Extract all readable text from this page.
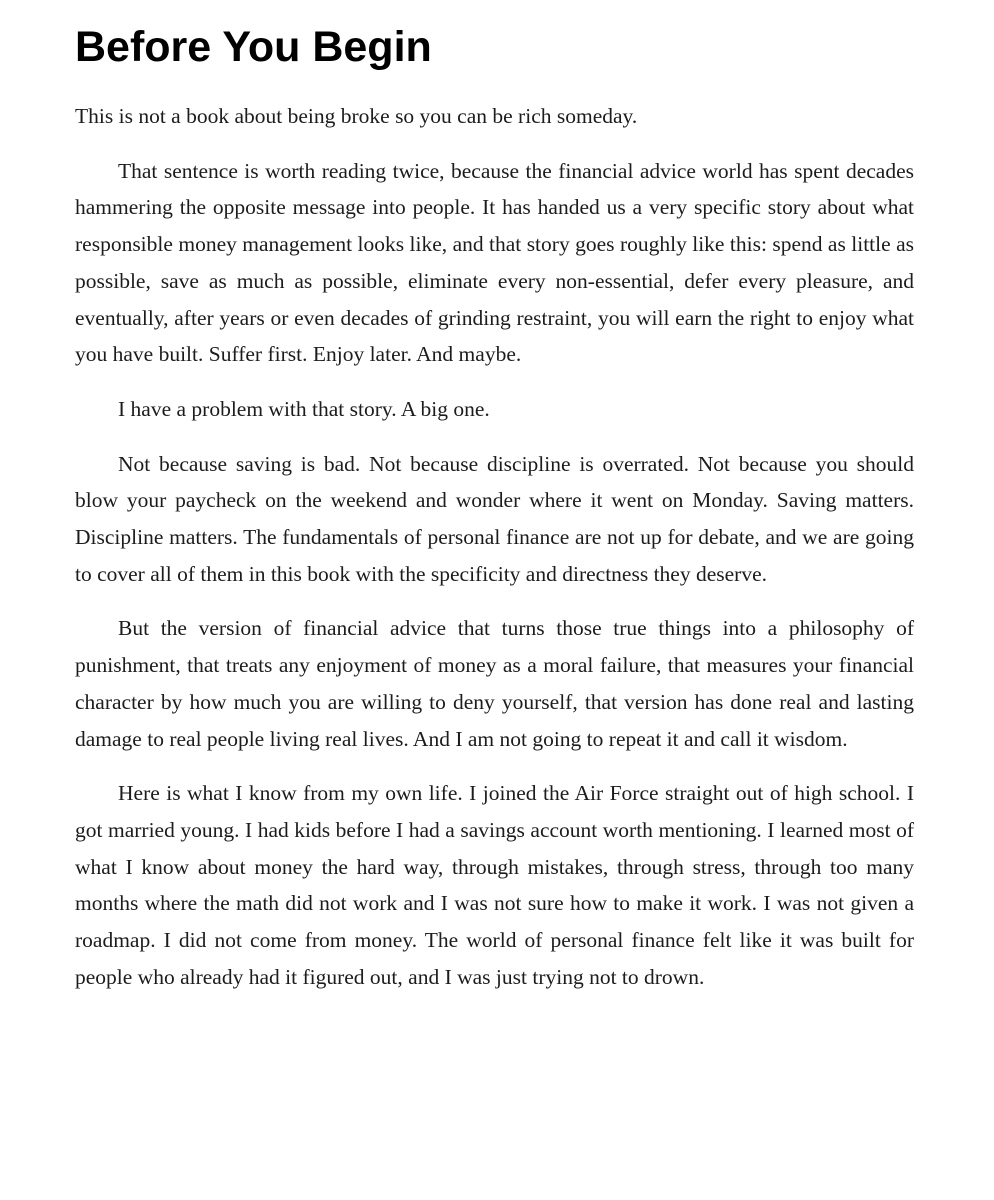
Before You Begin

This is not a book about being broke so you can be rich someday.

That sentence is worth reading twice, because the financial advice world has spent decades hammering the opposite message into people. It has handed us a very specific story about what responsible money management looks like, and that story goes roughly like this: spend as little as possible, save as much as possible, eliminate every non-essential, defer every pleasure, and eventually, after years or even decades of grinding restraint, you will earn the right to enjoy what you have built. Suffer first. Enjoy later. And maybe.

I have a problem with that story. A big one.

Not because saving is bad. Not because discipline is overrated. Not because you should blow your paycheck on the weekend and wonder where it went on Monday. Saving matters. Discipline matters. The fundamentals of personal finance are not up for debate, and we are going to cover all of them in this book with the specificity and directness they deserve.

But the version of financial advice that turns those true things into a philosophy of punishment, that treats any enjoyment of money as a moral failure, that measures your financial character by how much you are willing to deny yourself, that version has done real and lasting damage to real people living real lives. And I am not going to repeat it and call it wisdom.

Here is what I know from my own life. I joined the Air Force straight out of high school. I got married young. I had kids before I had a savings account worth mentioning. I learned most of what I know about money the hard way, through mistakes, through stress, through too many months where the math did not work and I was not sure how to make it work. I was not given a roadmap. I did not come from money. The world of personal finance felt like it was built for people who already had it figured out, and I was just trying not to drown.
